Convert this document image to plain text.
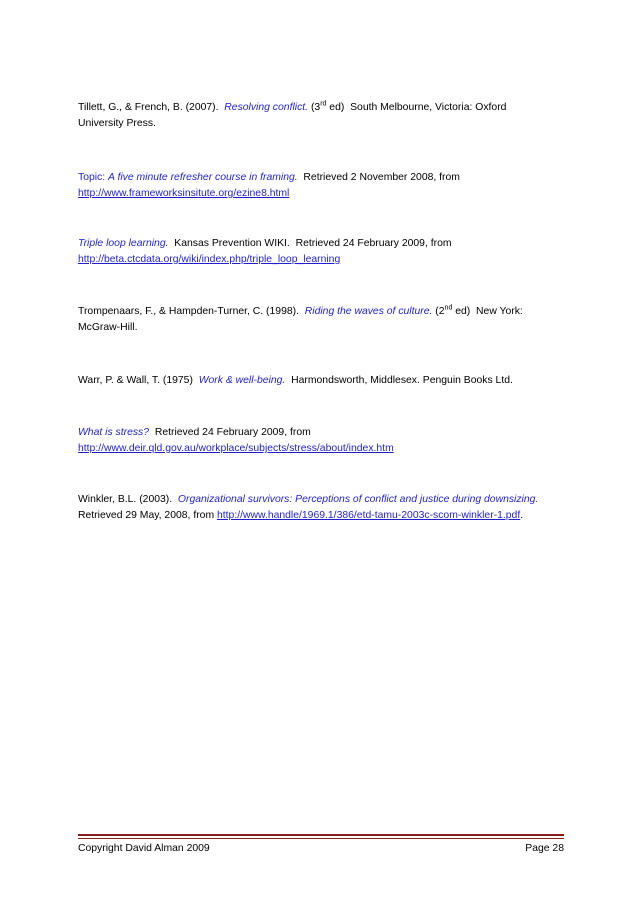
Tillett, G., & French, B. (2007). Resolving conflict. (3rd ed) South Melbourne, Victoria: Oxford
University Press.
Topic: A five minute refresher course in framing. Retrieved 2 November 2008, from
http://www.frameworksinsitute.org/ezine8.html
Triple loop learning. Kansas Prevention WIKI. Retrieved 24 February 2009, from
http://beta.ctcdata.org/wiki/index.php/triple_loop_learning
Trompenaars, F., & Hampden-Turner, C. (1998). Riding the waves of culture. (2nd ed) New York:
McGraw-Hill.
Warr, P. & Wall, T. (1975) Work & well-being. Harmondsworth, Middlesex. Penguin Books Ltd.
What is stress? Retrieved 24 February 2009, from
http://www.deir.qld.gov.au/workplace/subjects/stress/about/index.htm
Winkler, B.L. (2003). Organizational survivors: Perceptions of conflict and justice during downsizing.
Retrieved 29 May, 2008, from http://www.handle/1969.1/386/etd-tamu-2003c-scom-winkler-1.pdf.
Copyright David Alman 2009	Page 28
